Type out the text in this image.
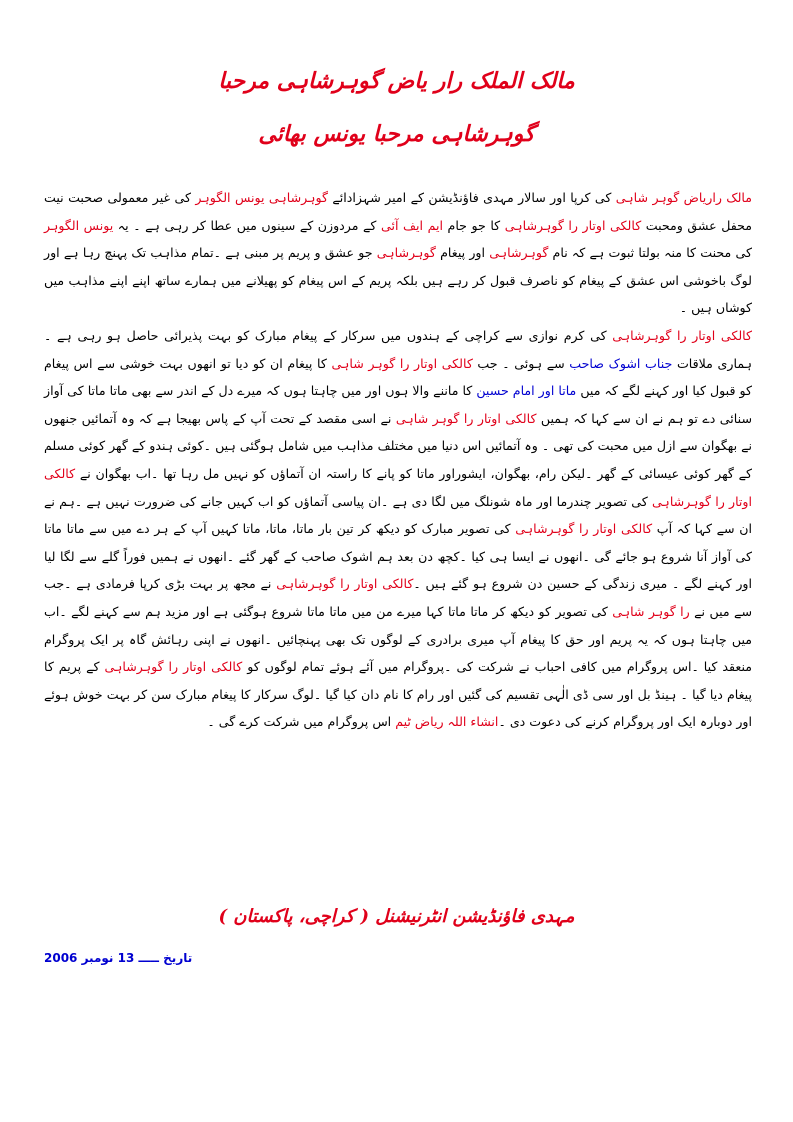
مالک الملک رار یاض گوہرشاہی مرحبا
گوہرشاہی مرحبا یونس بھائی

مالک راریاض گوہر شاہی کی کرپا اور سالار مہدی فاؤنڈیشن کے امیر شہزادائے گوہرشاہی یونس الگوہر کی غیر معمولی صحبت نیت محفل عشق ومحبت کالکی اوتار را گوہرشاہی کا جو جام ایم ایف آئی کے مردوزن کے سینوں میں عطا کر رہی ہے ۔ یہ یونس الگوہر کی محنت کا منہ بولتا ثبوت ہے کہ نام گوہرشاہی اور پیغام گوہرشاہی جو عشق و پریم پر مبنی ہے ۔تمام مذاہب تک پہنچ رہا ہے اور لوگ باخوشی اس عشق کے پیغام کو ناصرف قبول کر رہے ہیں بلکہ پریم کے اس پیغام کو پھیلانے میں ہمارے ساتھ اپنے اپنے مذاہب میں کوشاں ہیں ۔

کالکی اوتار را گوہرشاہی کی کرم نوازی سے کراچی کے ہندوں میں سرکار کے پیغام مبارک کو بہت پذیرائی حاصل ہو رہی ہے ۔ ہماری ملاقات جناب اشوک صاحب سے ہوئی ۔ جب کالکی اوتار را گوہر شاہی کا پیغام ان کو دیا تو انھوں بہت خوشی سے اس پیغام کو قبول کیا اور کہنے لگے کہ میں ماتا اور امام حسین کا ماننے والا ہوں اور میں چاہتا ہوں کہ میرے دل کے اندر سے بھی ماتا ماتا کی آواز سنائی دے تو ہم نے ان سے کہا کہ ہمیں کالکی اوتار را گوہر شاہی نے اسی مقصد کے تحت آپ کے پاس بھیجا ہے کہ وہ آتمائیں جنھوں نے بھگوان سے ازل میں محبت کی تھی ۔ وہ آتمائیں اس دنیا میں مختلف مذاہب میں شامل ہوگئی ہیں ۔کوئی ہندو کے گھر کوئی مسلم کے گھر کوئی عیسائی کے گھر ۔لیکن رام، بھگوان، ایشوراور ماتا کو پانے کا راستہ ان آتماؤں کو نہیں مل رہا تھا ۔اب بھگوان نے کالکی اوتار را گوہرشاہی کی تصویر چندرما اور ماہ شونلگ میں لگا دی ہے ۔ان پیاسی آتماؤں کو اب کہیں جانے کی ضرورت نہیں ہے ۔ہم نے ان سے کہا کہ آپ کالکی اوتار را گوہرشاہی کی تصویر مبارک کو دیکھ کر تین بار ماتا، ماتا، ماتا کہیں آپ کے ہر دے میں سے ماتا ماتا کی آواز آنا شروع ہو جائے گی ۔انھوں نے ایسا ہی کیا ۔کچھ دن بعد ہم اشوک صاحب کے گھر گئے ۔انھوں نے ہمیں فوراً گلے سے لگا لیا اور کہنے لگے ۔ میری زندگی کے حسین دن شروع ہو گئے ہیں ۔کالکی اوتار را گوہرشاہی نے مجھ پر بہت بڑی کرپا فرمادی ہے ۔جب سے میں نے را گوہر شاہی کی تصویر کو دیکھ کر ماتا ماتا کہا میرے من میں ماتا ماتا شروع ہوگئی ہے اور مزید ہم سے کہنے لگے ۔اب میں چاہتا ہوں کہ یہ پریم اور حق کا پیغام آپ میری برادری کے لوگوں تک بھی پہنچائیں ۔انھوں نے اپنی رہائش گاہ پر ایک پروگرام منعقد کیا ۔اس پروگرام میں کافی احباب نے شرکت کی ۔پروگرام میں آئے ہوئے تمام لوگوں کو کالکی اوتار را گوہرشاہی کے پریم کا پیغام دیا گیا ۔ ہینڈ بل اور سی ڈی الٰہی تقسیم کی گئیں اور رام کا نام دان کیا گیا ۔لوگ سرکار کا پیغام مبارک سن کر بہت خوش ہوئے اور دوبارہ ایک اور پروگرام کرنے کی دعوت دی ۔انشاء اللہ ریاض ٹیم اس پروگرام میں شرکت کرے گی ۔

مہدی فاؤنڈیشن انٹرنیشنل ( کراچی، پاکستان )
تاریخ ـــــ 13 نومبر 2006
